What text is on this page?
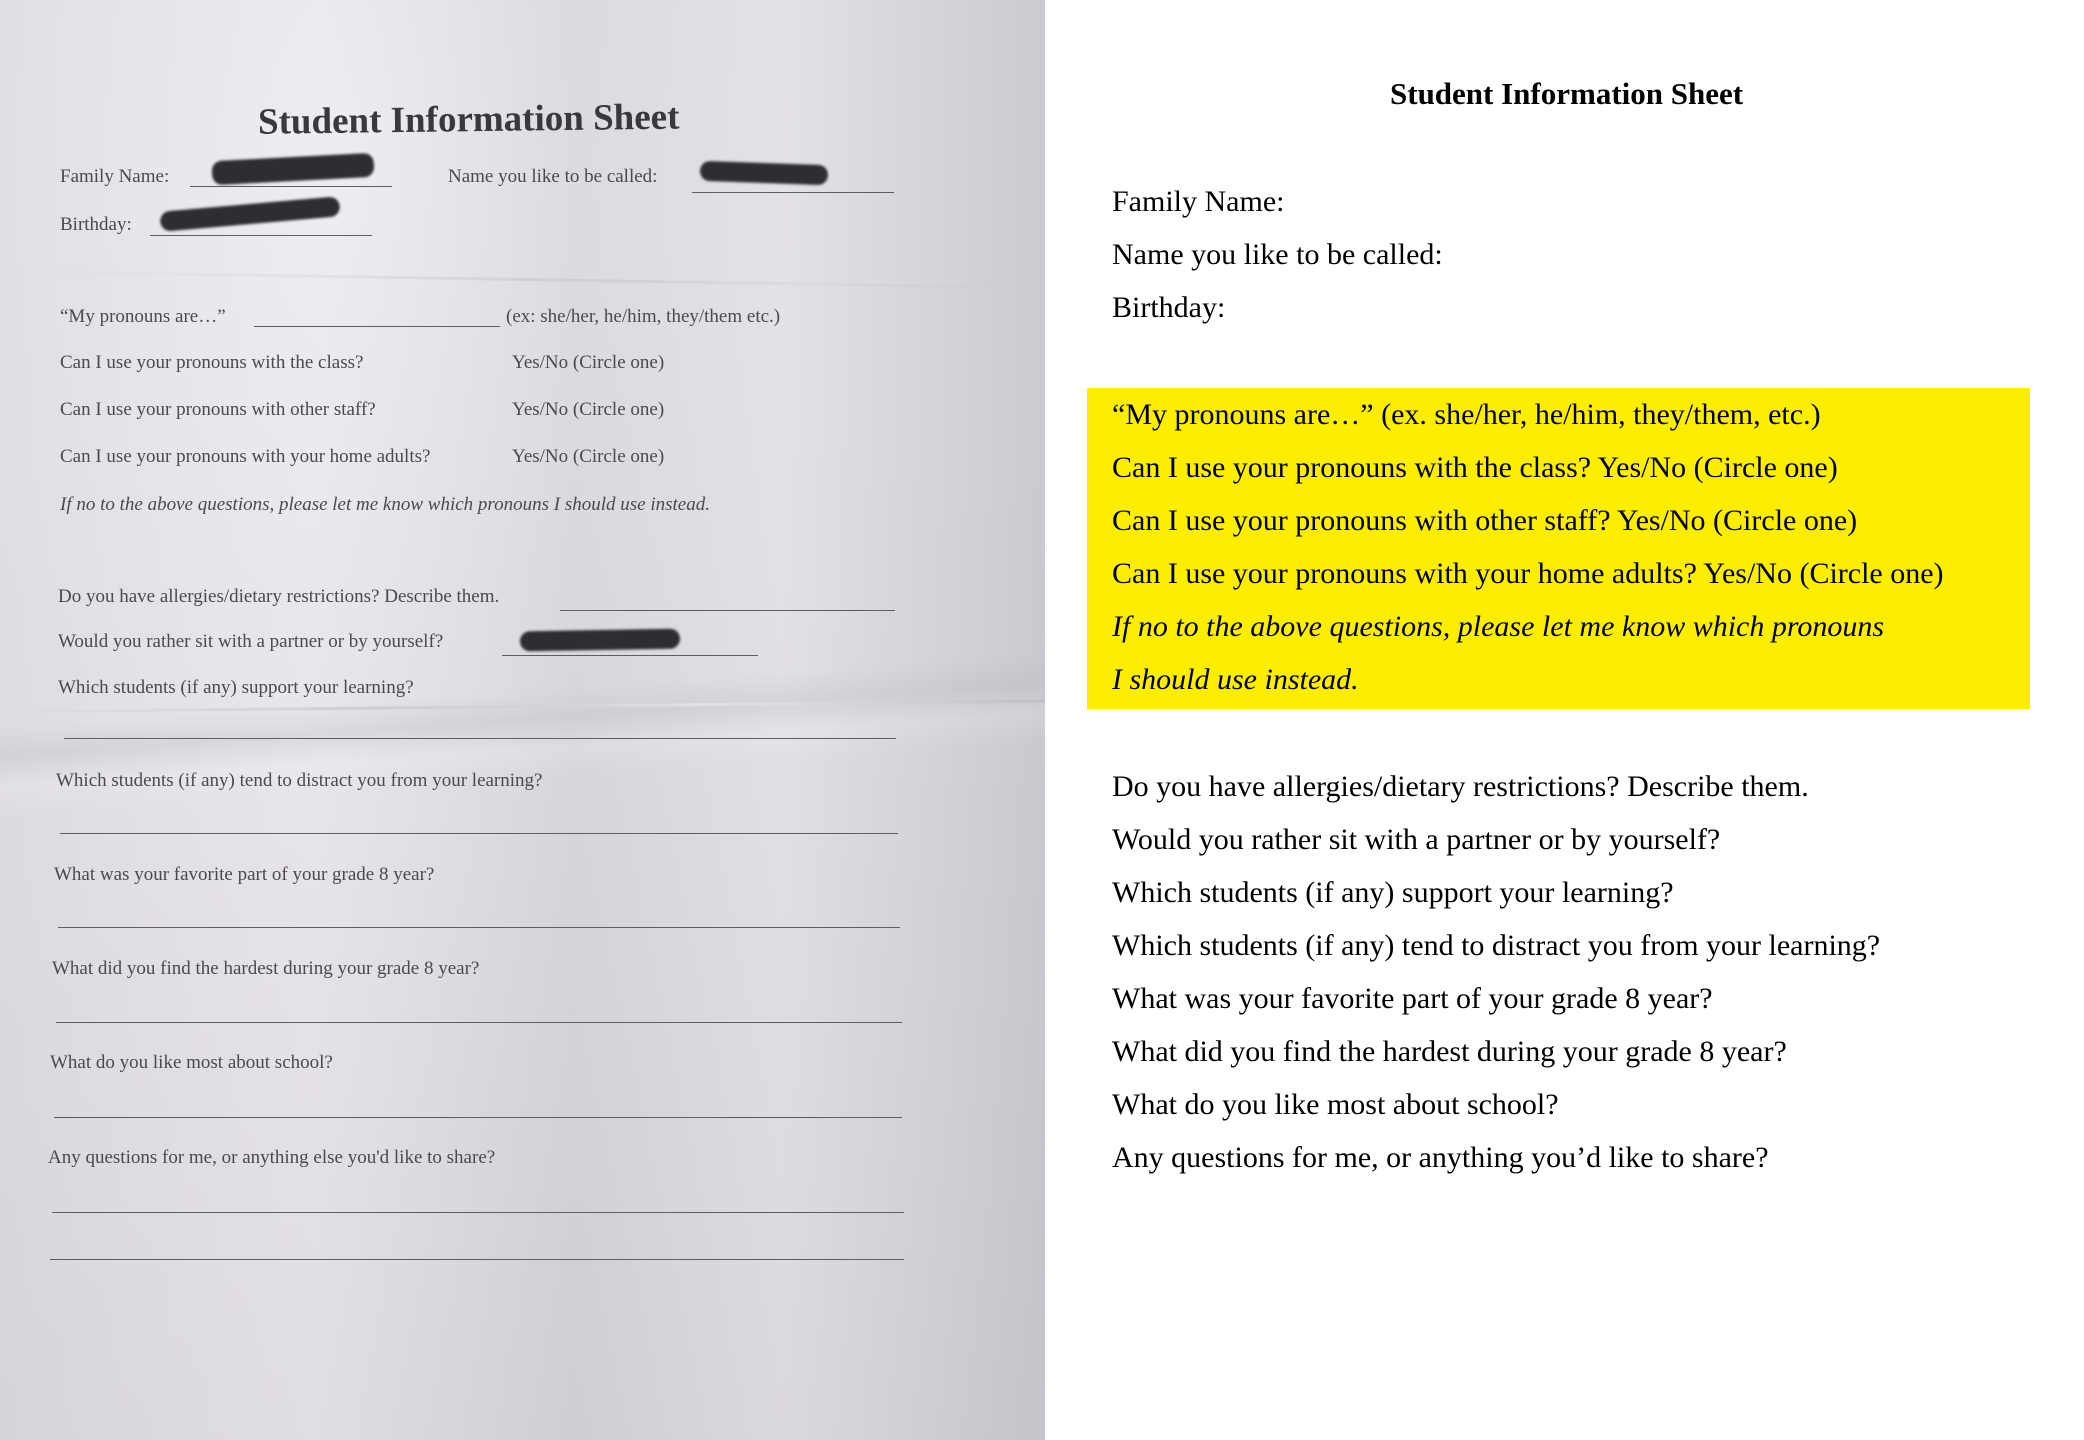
Student Information Sheet
Family Name:	Name you like to be called:
Birthday:
“My pronouns are…”	(ex: she/her, he/him, they/them etc.)
Can I use your pronouns with the class?	Yes/No (Circle one)
Can I use your pronouns with other staff?	Yes/No (Circle one)
Can I use your pronouns with your home adults?	Yes/No (Circle one)
If no to the above questions, please let me know which pronouns I should use instead.
Do you have allergies/dietary restrictions? Describe them.
Would you rather sit with a partner or by yourself?
Which students (if any) support your learning?
Which students (if any) tend to distract you from your learning?
What was your favorite part of your grade 8 year?
What did you find the hardest during your grade 8 year?
What do you like most about school?
Any questions for me, or anything else you'd like to share?
Student Information Sheet
Family Name:
Name you like to be called:
Birthday:
“My pronouns are…” (ex. she/her, he/him, they/them, etc.)
Can I use your pronouns with the class? Yes/No (Circle one)
Can I use your pronouns with other staff? Yes/No (Circle one)
Can I use your pronouns with your home adults? Yes/No (Circle one)
If no to the above questions, please let me know which pronouns
I should use instead.
Do you have allergies/dietary restrictions? Describe them.
Would you rather sit with a partner or by yourself?
Which students (if any) support your learning?
Which students (if any) tend to distract you from your learning?
What was your favorite part of your grade 8 year?
What did you find the hardest during your grade 8 year?
What do you like most about school?
Any questions for me, or anything you’d like to share?
